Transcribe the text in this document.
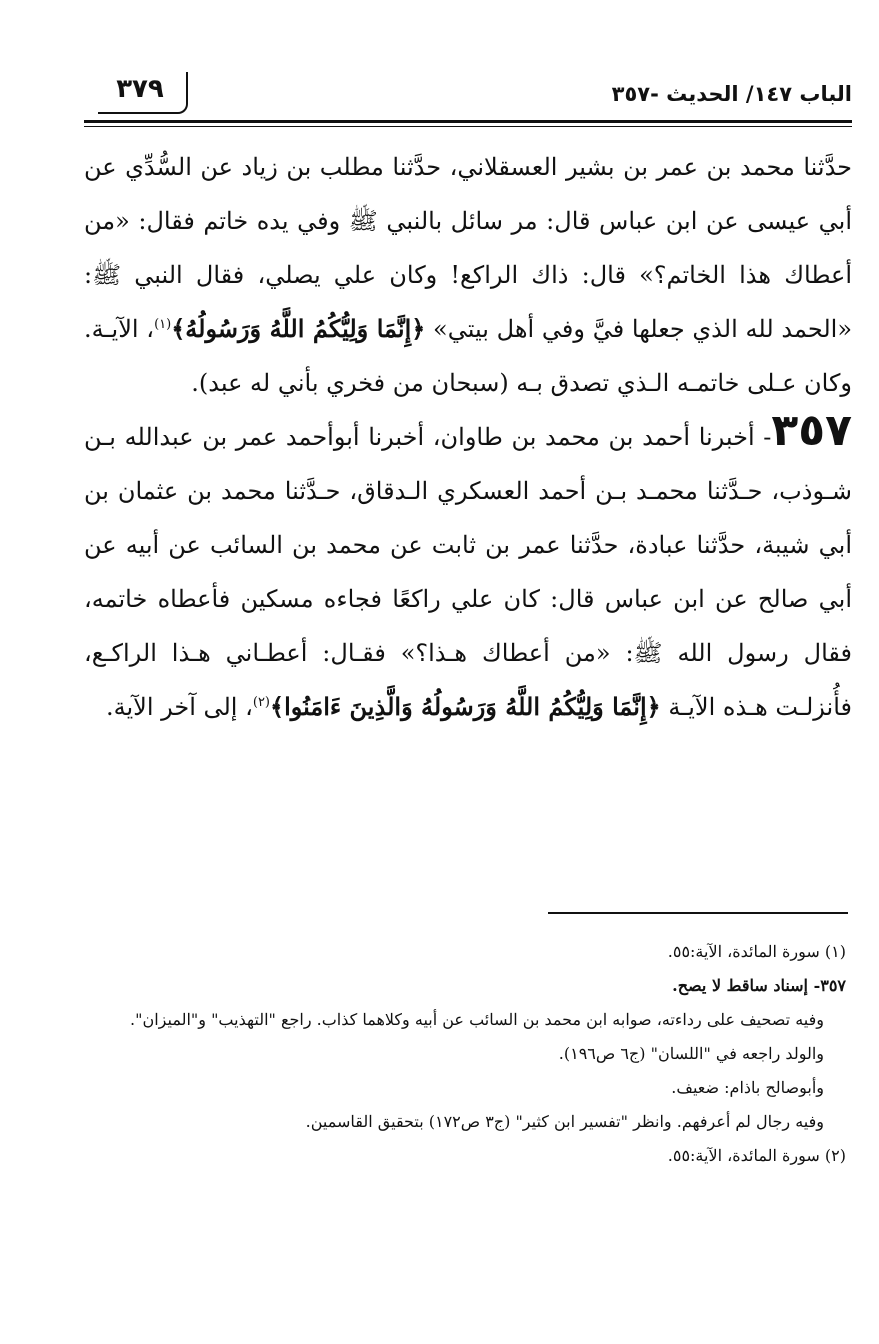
الباب ١٤٧/ الحديث -٣٥٧
٣٧٩

حدَّثنا محمد بن عمر بن بشير العسقلاني، حدَّثنا مطلب بن زياد عن السُّدِّي عن أبي عيسى عن ابن عباس قال: مر سائل بالنبي ﷺ وفي يده خاتم فقال: «من أعطاك هذا الخاتم؟» قال: ذاك الراكع! وكان علي يصلي، فقال النبي ﷺ: «الحمد لله الذي جعلها فيَّ وفي أهل بيتي» ﴿إِنَّمَا وَلِيُّكُمُ اللَّهُ وَرَسُولُهُ﴾$^{(١)}$، الآيـة. وكان عـلى خاتمـه الـذي تصدق بـه (سبحان من فخري بأني له عبد).

٣٥٧- أخبرنا أحمد بن محمد بن طاوان، أخبرنا أبوأحمد عمر بن عبدالله بـن شـوذب، حـدَّثنا محمـد بـن أحمد العسكري الـدقاق، حـدَّثنا محمد بن عثمان بن أبي شيبة، حدَّثنا عبادة، حدَّثنا عمر بن ثابت عن محمد بن السائب عن أبيه عن أبي صالح عن ابن عباس قال: كان علي راكعًا فجاءه مسكين فأعطاه خاتمه، فقال رسول الله ﷺ: «من أعطاك هـذا؟» فقـال: أعطـاني هـذا الراكـع، فأُنزلـت هـذه الآيـة ﴿إِنَّمَا وَلِيُّكُمُ اللَّهُ وَرَسُولُهُ وَالَّذِينَ ءَامَنُوا﴾$^{(٢)}$، إلى آخر الآية.

(١) سورة المائدة، الآية:٥٥.

٣٥٧- إسناد ساقط لا يصح.

وفيه تصحيف على رداءته، صوابه ابن محمد بن السائب عن أبيه وكلاهما كذاب. راجع "التهذيب" و"الميزان".

والولد راجعه في "اللسان" (ج٦ ص١٩٦).

وأبوصالح باذام: ضعيف.

وفيه رجال لم أعرفهم. وانظر "تفسير ابن كثير" (ج٣ ص١٧٢) بتحقيق القاسمين.

(٢) سورة المائدة، الآية:٥٥.
